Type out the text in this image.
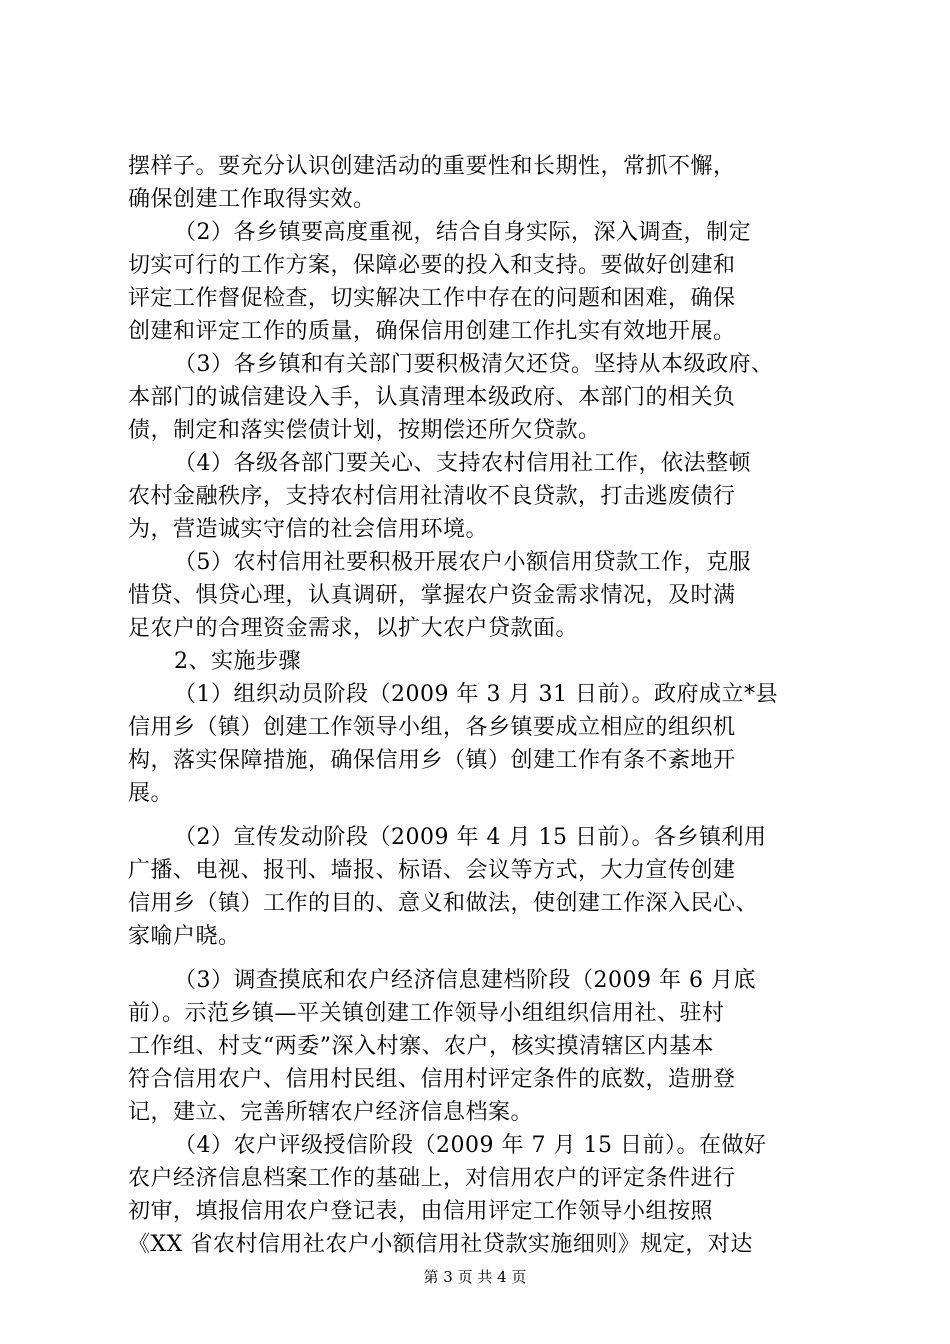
摆样子。要充分认识创建活动的重要性和长期性，常抓不懈，
确保创建工作取得实效。
（2）各乡镇要高度重视，结合自身实际，深入调查，制定
切实可行的工作方案，保障必要的投入和支持。要做好创建和
评定工作督促检查，切实解决工作中存在的问题和困难，确保
创建和评定工作的质量，确保信用创建工作扎实有效地开展。
（3）各乡镇和有关部门要积极清欠还贷。坚持从本级政府、
本部门的诚信建设入手，认真清理本级政府、本部门的相关负
债，制定和落实偿债计划，按期偿还所欠贷款。
（4）各级各部门要关心、支持农村信用社工作，依法整顿
农村金融秩序，支持农村信用社清收不良贷款，打击逃废债行
为，营造诚实守信的社会信用环境。
（5）农村信用社要积极开展农户小额信用贷款工作，克服
惜贷、惧贷心理，认真调研，掌握农户资金需求情况，及时满
足农户的合理资金需求，以扩大农户贷款面。
2、实施步骤
（1）组织动员阶段（2009 年 3 月 31 日前）。政府成立*县
信用乡（镇）创建工作领导小组，各乡镇要成立相应的组织机
构，落实保障措施，确保信用乡（镇）创建工作有条不紊地开
展。
（2）宣传发动阶段（2009 年 4 月 15 日前）。各乡镇利用
广播、电视、报刊、墙报、标语、会议等方式，大力宣传创建
信用乡（镇）工作的目的、意义和做法，使创建工作深入民心、
家喻户晓。
（3）调查摸底和农户经济信息建档阶段（2009 年 6 月底
前）。示范乡镇—平关镇创建工作领导小组组织信用社、驻村
工作组、村支“两委”深入村寨、农户，核实摸清辖区内基本
符合信用农户、信用村民组、信用村评定条件的底数，造册登
记，建立、完善所辖农户经济信息档案。
（4）农户评级授信阶段（2009 年 7 月 15 日前）。在做好
农户经济信息档案工作的基础上，对信用农户的评定条件进行
初审，填报信用农户登记表，由信用评定工作领导小组按照
《XX 省农村信用社农户小额信用社贷款实施细则》规定，对达
第 3 页 共 4 页
